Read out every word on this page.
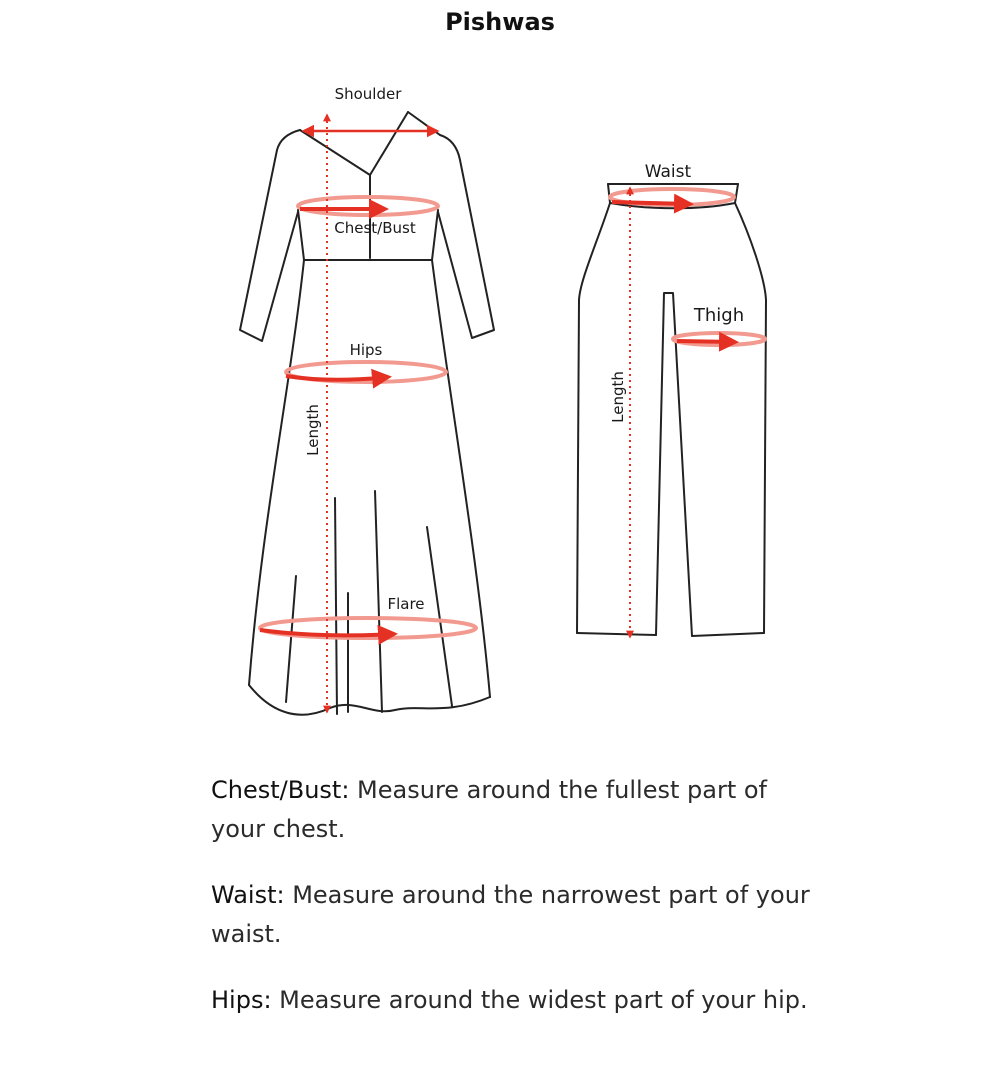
Pishwas
Shoulder
Chest/Bust
Hips
Length
Flare
Waist
Thigh
Length

Chest/Bust: Measure around the fullest part of your chest.

Waist: Measure around the narrowest part of your waist.

Hips: Measure around the widest part of your hip.
